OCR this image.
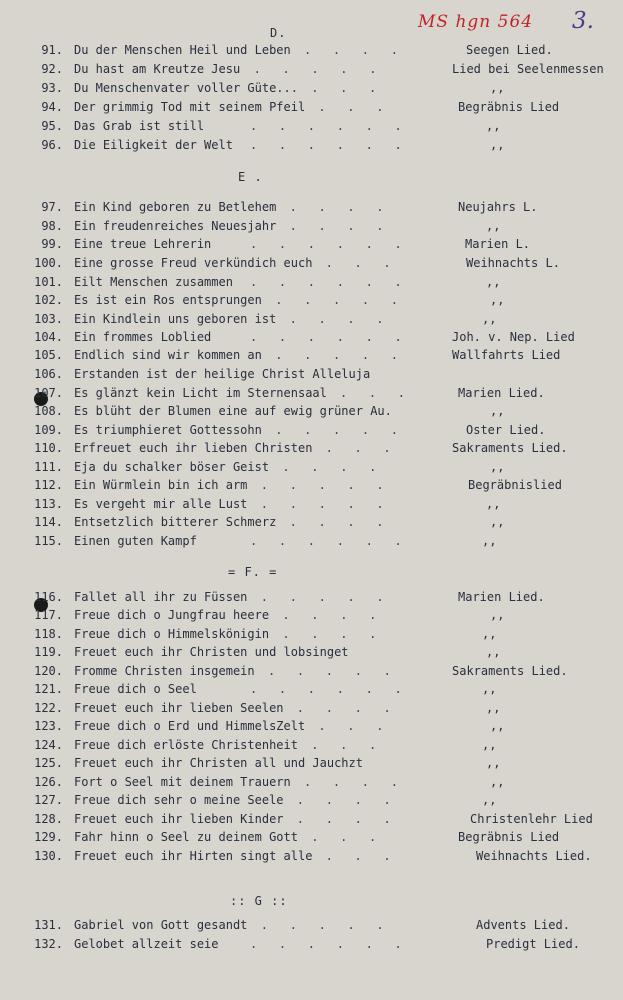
MS hgn 564 3.
D.
E .
= F. =
:: G ::
91. Du der Menschen Heil und Leben .   .   .   .	Seegen Lied.
92. Du hast am Kreutze Jesu .   .   .   .   .	Lied bei Seelenmessen
93. Du Menschenvater voller Güte... .   .   .	,,
94. Der grimmig Tod mit seinem Pfeil .   .   .	Begräbnis Lied
95. Das Grab ist still	.   .   .   .   .   .	,,
96. Die Eiligkeit der Welt .   .   .   .   .   .	,,
97. Ein Kind geboren zu Betlehem .   .   .   .	Neujahrs L.
98. Ein freudenreiches Neuesjahr .   .   .   .	,,
99. Eine treue Lehrerin	.   .   .   .   .   .	Marien L.
100. Eine grosse Freud verkündich euch .   .   .	Weihnachts L.
101. Eilt Menschen zusammen .   .   .   .   .   .	,,
102. Es ist ein Ros entsprungen .   .   .   .   .	,,
103. Ein Kindlein uns geboren ist .   .   .   .	,,
104. Ein frommes Loblied	.   .   .   .   .   .	Joh. v. Nep. Lied
105. Endlich sind wir kommen an .   .   .   .   .	Wallfahrts Lied
106. Erstanden ist der heilige Christ Alleluja
107. Es glänzt kein Licht im Sternensaal .   .   .	Marien Lied.
108. Es blüht der Blumen eine auf ewig grüner Au.	,,
109. Es triumphieret Gottessohn .   .   .   .   .	Oster Lied.
110. Erfreuet euch ihr lieben Christen .   .   .	Sakraments Lied.
111. Eja du schalker böser Geist .   .   .   .	,,
112. Ein Würmlein bin ich arm .   .   .   .   .	Begräbnislied
113. Es vergeht mir alle Lust .   .   .   .   .	,,
114. Entsetzlich bitterer Schmerz .   .   .   .	,,
115. Einen guten Kampf	.   .   .   .   .   .	,,
116. Fallet all ihr zu Füssen .   .   .   .   .	Marien Lied.
117. Freue dich o Jungfrau heere .   .   .   .	,,
118. Freue dich o Himmelskönigin .   .   .   .	,,
119. Freuet euch ihr Christen und lobsinget	,,
120. Fromme Christen insgemein .   .   .   .   .	Sakraments Lied.
121. Freue dich o Seel	.   .   .   .   .   .	,,
122. Freuet euch ihr lieben Seelen .   .   .   .	,,
123. Freue dich o Erd und HimmelsZelt .   .   .	,,
124. Freue dich erlöste Christenheit .   .   .	,,
125. Freuet euch ihr Christen all und Jauchzt	,,
126. Fort o Seel mit deinem Trauern .   .   .   .	,,
127. Freue dich sehr o meine Seele .   .   .   .	,,
128. Freuet euch ihr lieben Kinder .   .   .   .	Christenlehr Lied
129. Fahr hinn o Seel zu deinem Gott .   .   .	Begräbnis Lied
130. Freuet euch ihr Hirten singt alle .   .   .	Weihnachts Lied.
131. Gabriel von Gott gesandt .   .   .   .   .	Advents Lied.
132. Gelobet allzeit seie	.   .   .   .   .   .	Predigt Lied.
